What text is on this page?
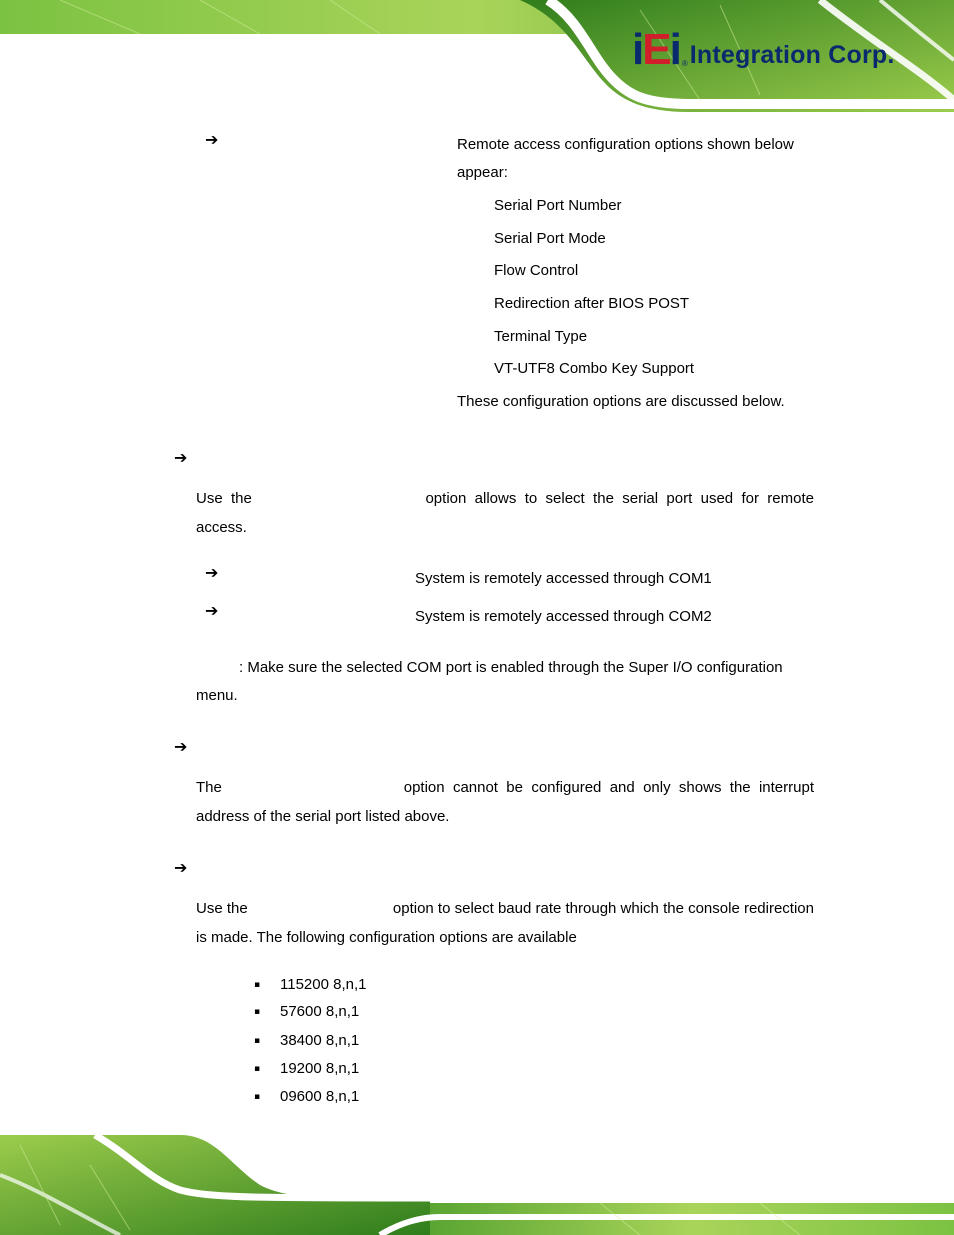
iEi ® Integration Corp.
➔	Remote access configuration options shown below
appear:
Serial Port Number
Serial Port Mode
Flow Control
Redirection after BIOS POST
Terminal Type
VT-UTF8 Combo Key Support
These configuration options are discussed below.
➔
Use  the	option  allows  to  select  the  serial  port  used  for  remote
access.
➔	System is remotely accessed through COM1
➔	System is remotely accessed through COM2
: Make sure the selected COM port is enabled through the Super I/O configuration
menu.
➔
The	option  cannot  be  configured  and  only  shows  the  interrupt
address of the serial port listed above.
➔
Use the	option to select baud rate through which the console redirection
is made. The following configuration options are available
▪ 115200 8,n,1
▪ 57600 8,n,1
▪ 38400 8,n,1
▪ 19200 8,n,1
▪ 09600 8,n,1
